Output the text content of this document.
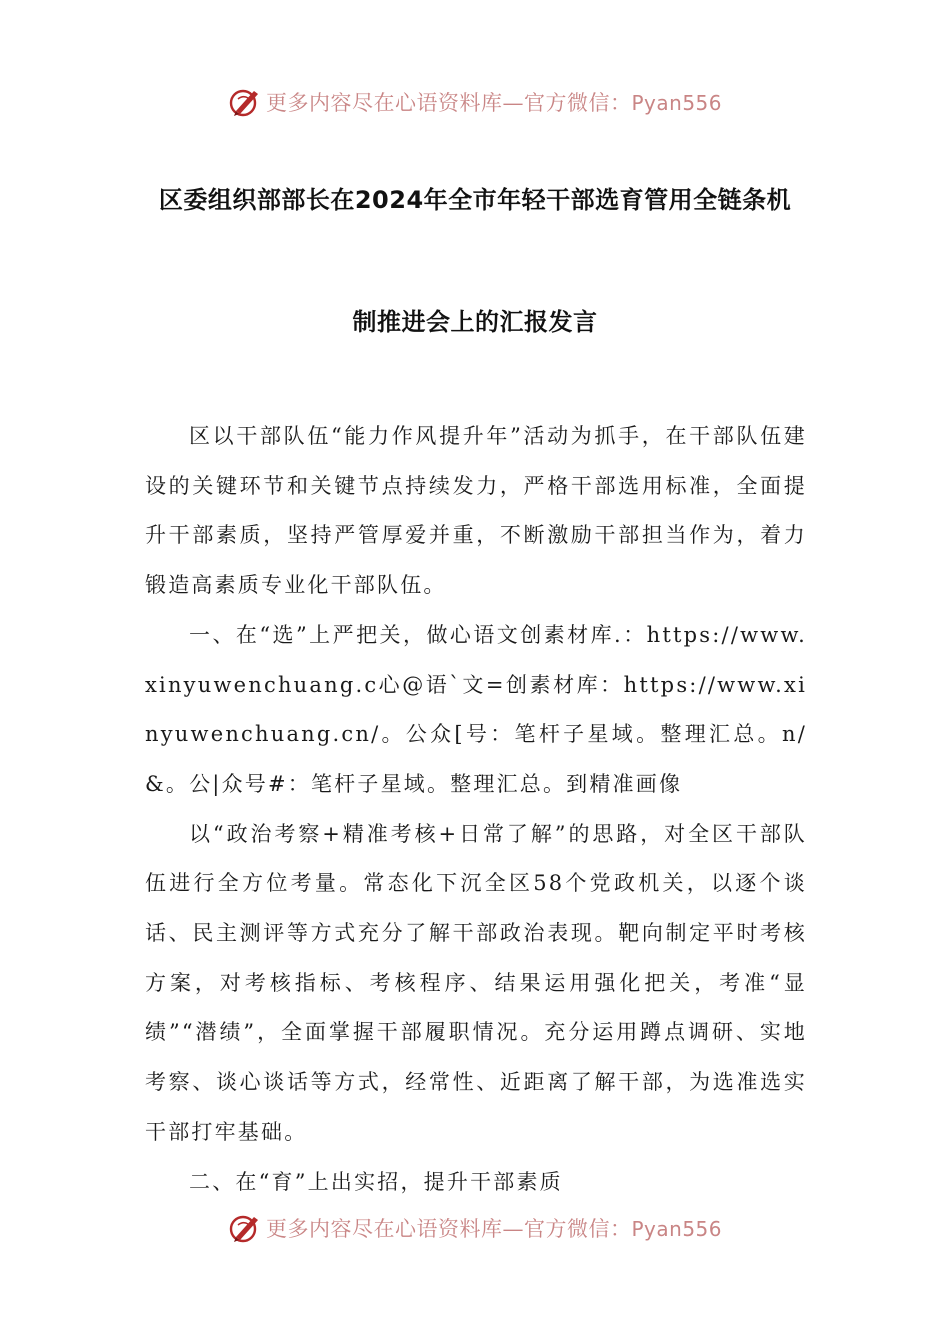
更多内容尽在心语资料库—官方微信：Pyan556
区委组织部部长在2024年全市年轻干部选育管用全链条机
制推进会上的汇报发言

区以干部队伍“能力作风提升年”活动为抓手，在干部队伍建设的关键环节和关键节点持续发力，严格干部选用标准，全面提升干部素质，坚持严管厚爱并重，不断激励干部担当作为，着力锻造高素质专业化干部队伍。

一、在“选”上严把关，做心语文创素材库.：https://www.xinyuwenchuang.c心@语`文=创素材库：https://www.xinyuwenchuang.cn/。公众[号：笔杆子星域。整理汇总。n/&。公|众号#：笔杆子星域。整理汇总。到精准画像

以“政治考察+精准考核+日常了解”的思路，对全区干部队伍进行全方位考量。常态化下沉全区58个党政机关，以逐个谈话、民主测评等方式充分了解干部政治表现。靶向制定平时考核方案，对考核指标、考核程序、结果运用强化把关，考准“显绩”“潜绩”，全面掌握干部履职情况。充分运用蹲点调研、实地考察、谈心谈话等方式，经常性、近距离了解干部，为选准选实干部打牢基础。

二、在“育”上出实招，提升干部素质

更多内容尽在心语资料库—官方微信：Pyan556
